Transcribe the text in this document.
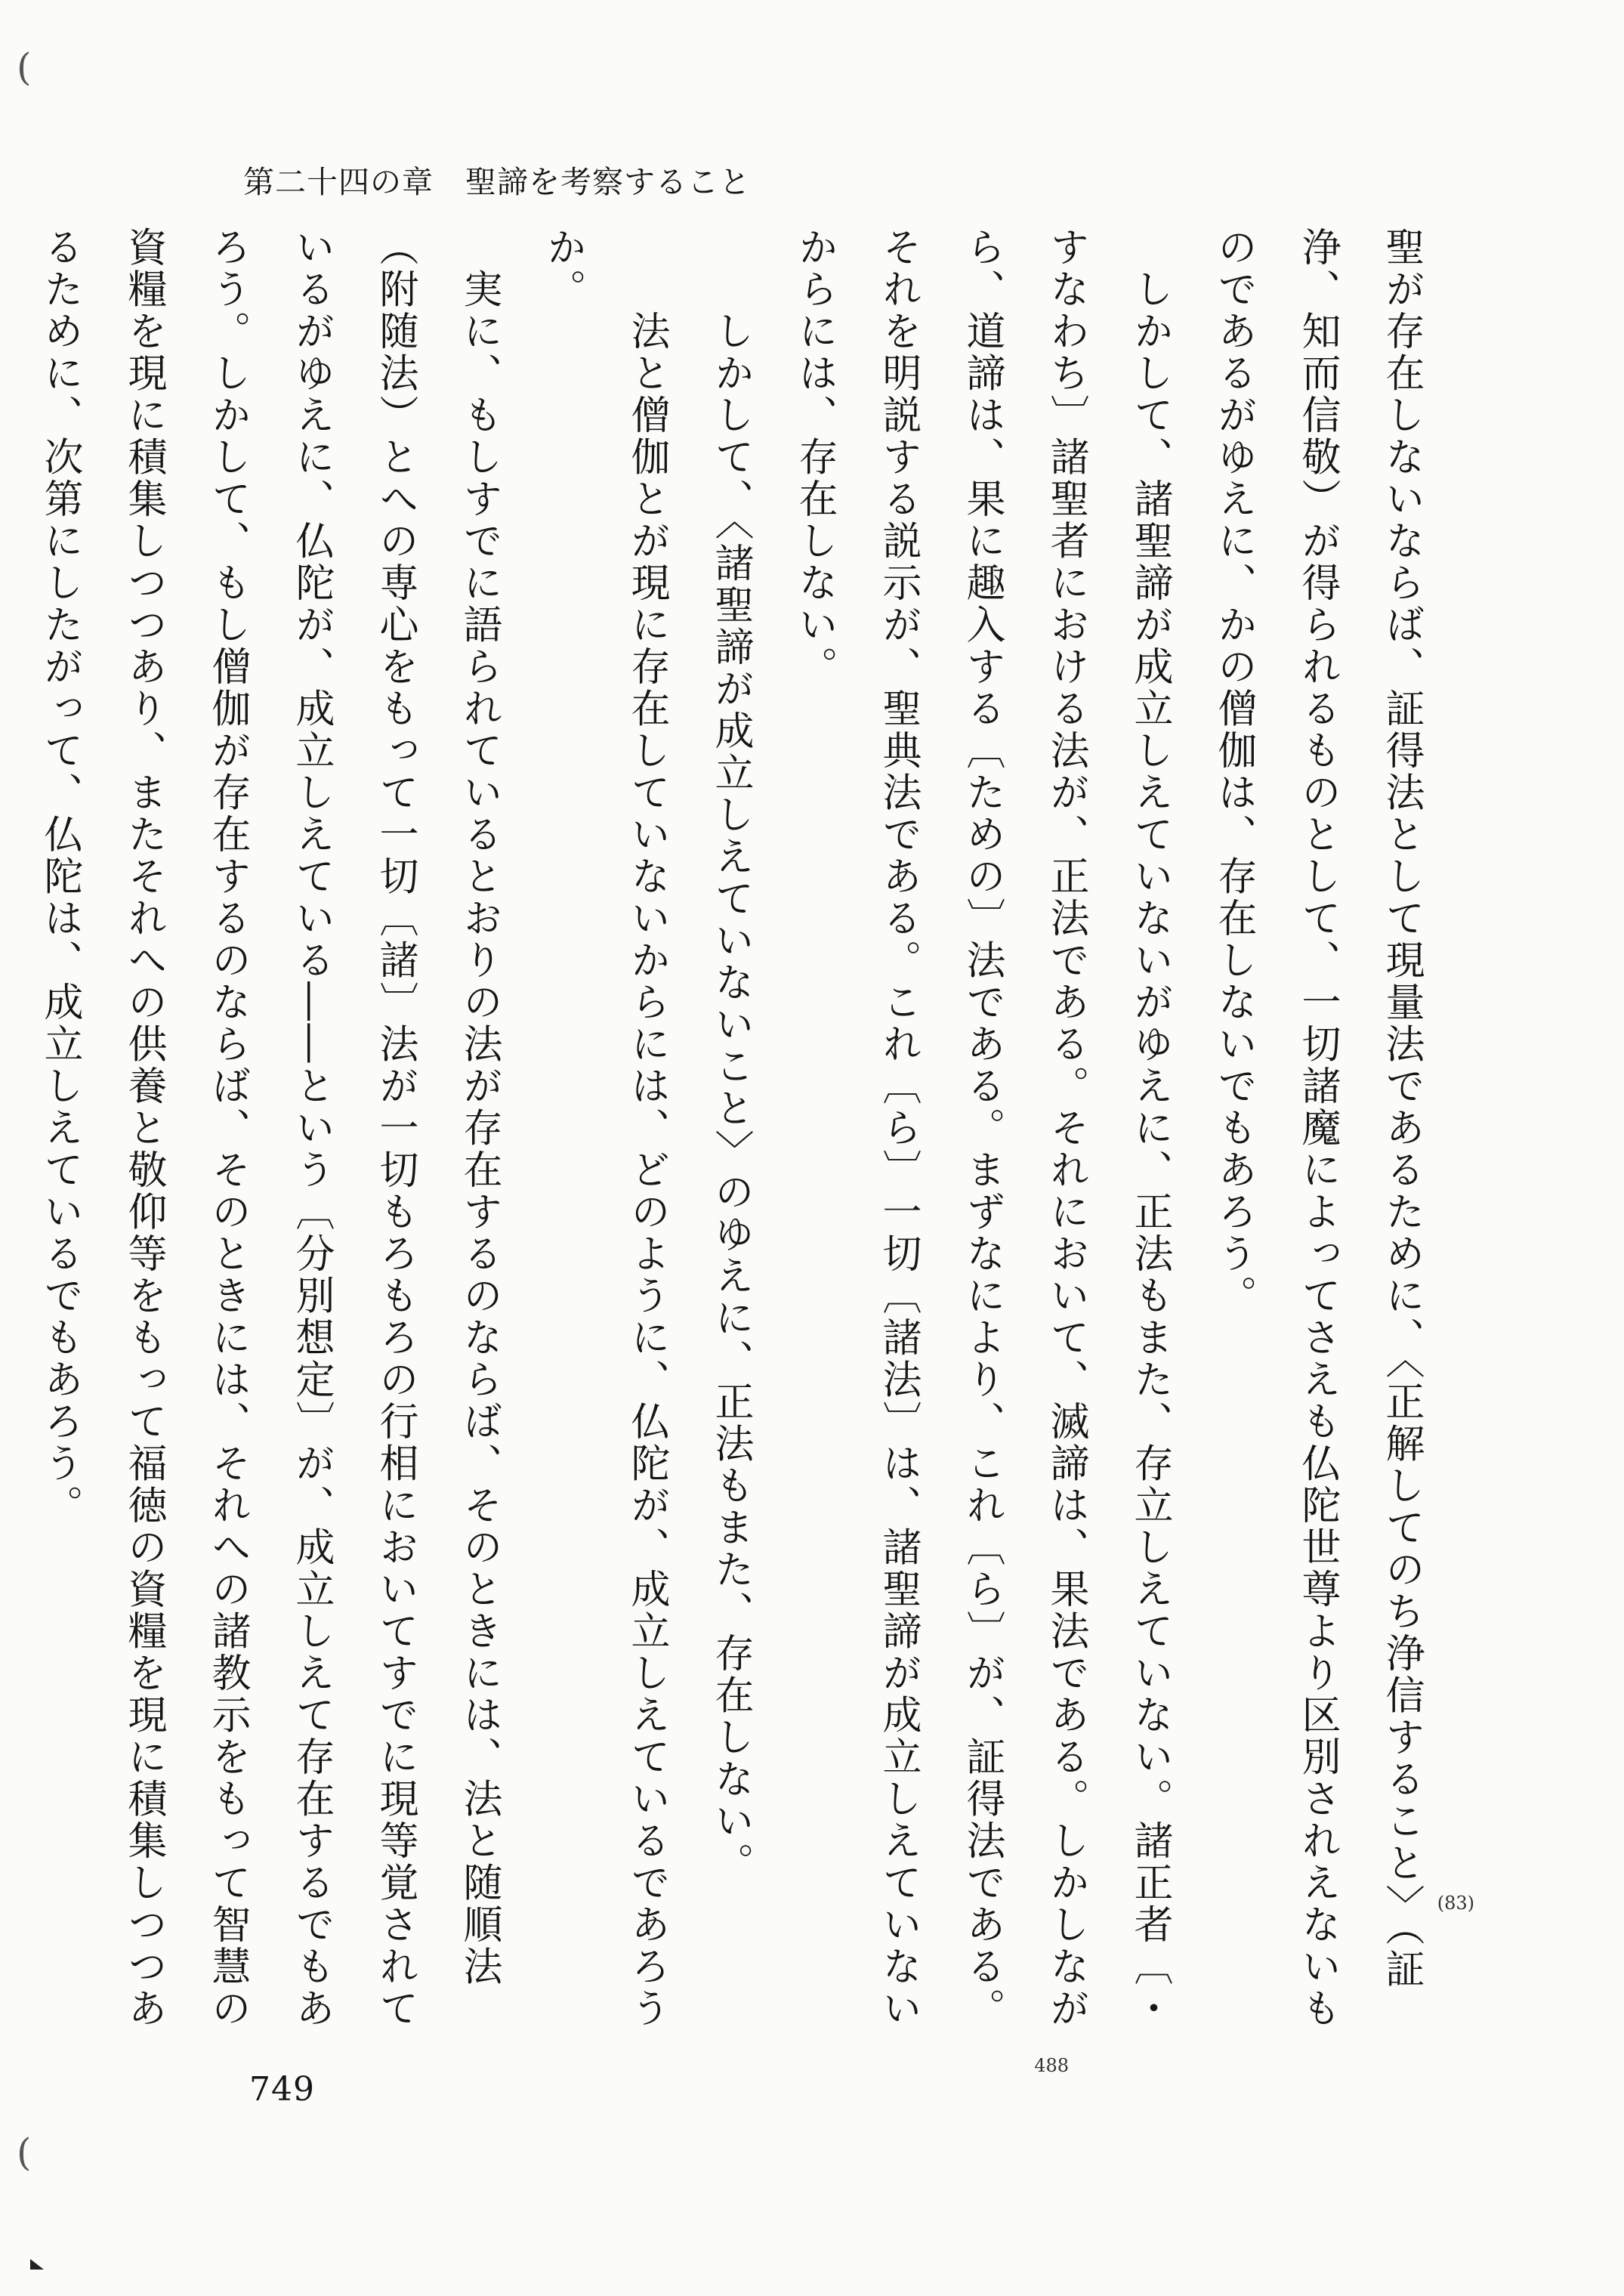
(
(
第二十四の章　聖諦を考察すること

聖が存在しないならば、証得法として現量法であるために、〈正解してのち浄信すること〉（証浄、知而信敬）が得られるものとして、一切諸魔によってさえも仏陀世尊より区別されえないものであるがゆえに、かの僧伽は、存在しないでもあろう。

　しかして、諸聖諦が成立しえていないがゆえに、正法もまた、存立しえていない。諸正者〔・すなわち〕諸聖者における法が、正法である。それにおいて、滅諦は、果法である。しかしながら、道諦は、果に趣入する〔ための〕法である。まずなにより、これ〔ら〕が、証得法である。それを明説する説示が、聖典法である。これ〔ら〕一切〔諸法〕は、諸聖諦が成立しえていないからには、存在しない。

　　しかして、〈諸聖諦が成立しえていないこと〉のゆえに、正法もまた、存在しない。

　　法と僧伽とが現に存在していないからには、どのように、仏陀が、成立しえているであろうか。

　実に、もしすでに語られているとおりの法が存在するのならば、そのときには、法と随順法（附随法）とへの専心をもって一切〔諸〕法が一切もろもろの行相においてすでに現等覚されているがゆえに、仏陀が、成立しえている――という〔分別想定〕が、成立しえて存在するでもあろう。しかして、もし僧伽が存在するのならば、そのときには、それへの諸教示をもって智慧の資糧を現に積集しつつあり、またそれへの供養と敬仰等をもって福徳の資糧を現に積集しつつあるために、次第にしたがって、仏陀は、成立しえているでもあろう。

(83)
488
749
